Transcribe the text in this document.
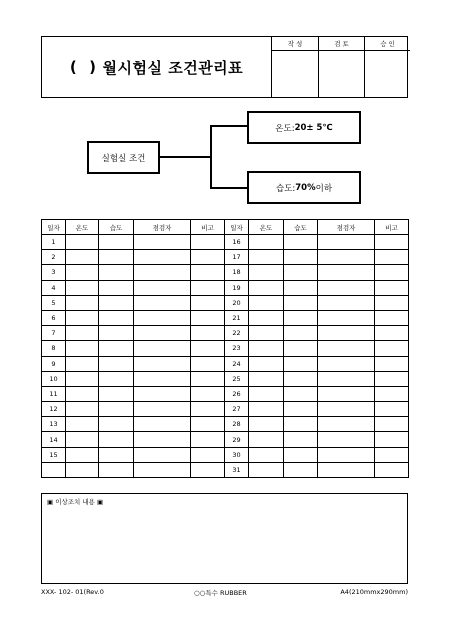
( ) 월시험실 조건관리표
작 성	검 토	승 인
실험실 조건
온도: 20± 5℃
습도: 70% 이하
일자	온도	습도	점검자	비고	일자	온도	습도	점검자	비고
1					16				
2					17				
3					18				
4					19				
5					20				
6					21				
7					22				
8					23				
9					24				
10					25				
11					26				
12					27				
13					28				
14					29				
15					30				
					31				
▣ 이상조치 내용 ▣
XXX- 102- 01(Rev.0	○○특수 RUBBER	A4(210mmx290mm)
